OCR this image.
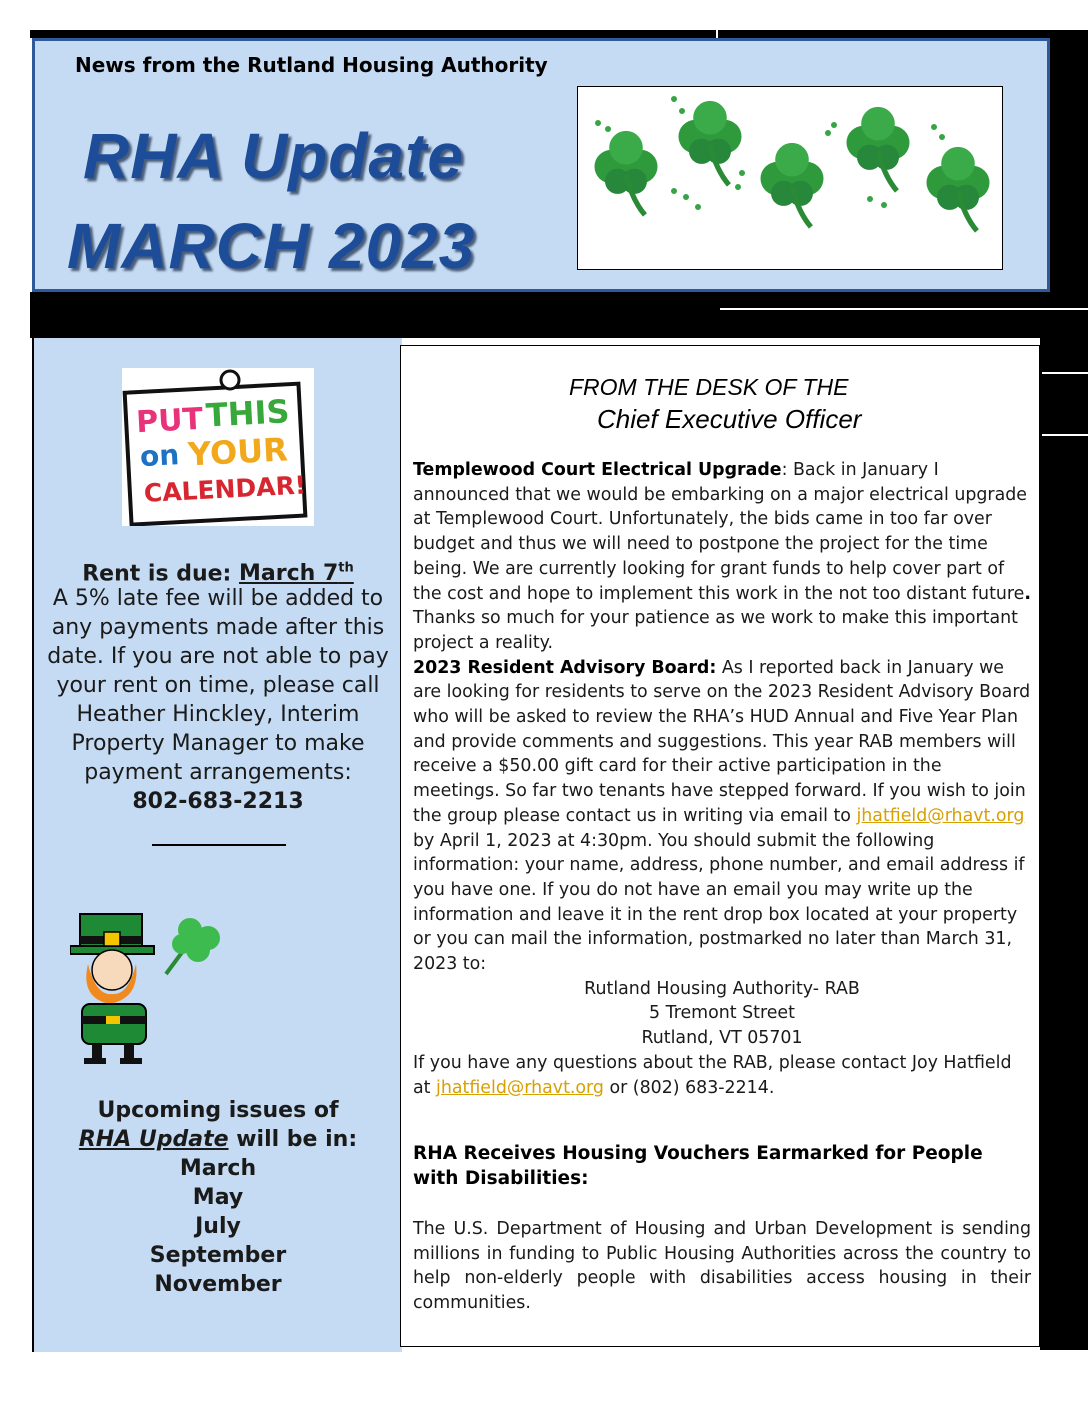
News from the Rutland Housing Authority
RHA Update
MARCH 2023
PUT THIS
on YOUR
CALENDAR!
Rent is due: March 7th
A 5% late fee will be added to any payments made after this date. If you are not able to pay your rent on time, please call Heather Hinckley, Interim Property Manager to make payment arrangements:
802-683-2213
Upcoming issues of
RHA Update will be in:
March
May
July
September
November
FROM THE DESK OF THE
Chief Executive Officer
Templewood Court Electrical Upgrade: Back in January I announced that we would be embarking on a major electrical upgrade at Templewood Court. Unfortunately, the bids came in too far over budget and thus we will need to postpone the project for the time being. We are currently looking for grant funds to help cover part of the cost and hope to implement this work in the not too distant future. Thanks so much for your patience as we work to make this important project a reality.
2023 Resident Advisory Board: As I reported back in January we are looking for residents to serve on the 2023 Resident Advisory Board who will be asked to review the RHA’s HUD Annual and Five Year Plan and provide comments and suggestions. This year RAB members will receive a $50.00 gift card for their active participation in the meetings. So far two tenants have stepped forward. If you wish to join the group please contact us in writing via email to jhatfield@rhavt.org by April 1, 2023 at 4:30pm. You should submit the following information: your name, address, phone number, and email address if you have one. If you do not have an email you may write up the information and leave it in the rent drop box located at your property or you can mail the information, postmarked no later than March 31, 2023 to:
Rutland Housing Authority- RAB
5 Tremont Street
Rutland, VT 05701
If you have any questions about the RAB, please contact Joy Hatfield at jhatfield@rhavt.org or (802) 683-2214.
RHA Receives Housing Vouchers Earmarked for People with Disabilities:
The U.S. Department of Housing and Urban Development is sending millions in funding to Public Housing Authorities across the country to help non-elderly people with disabilities access housing in their communities.
